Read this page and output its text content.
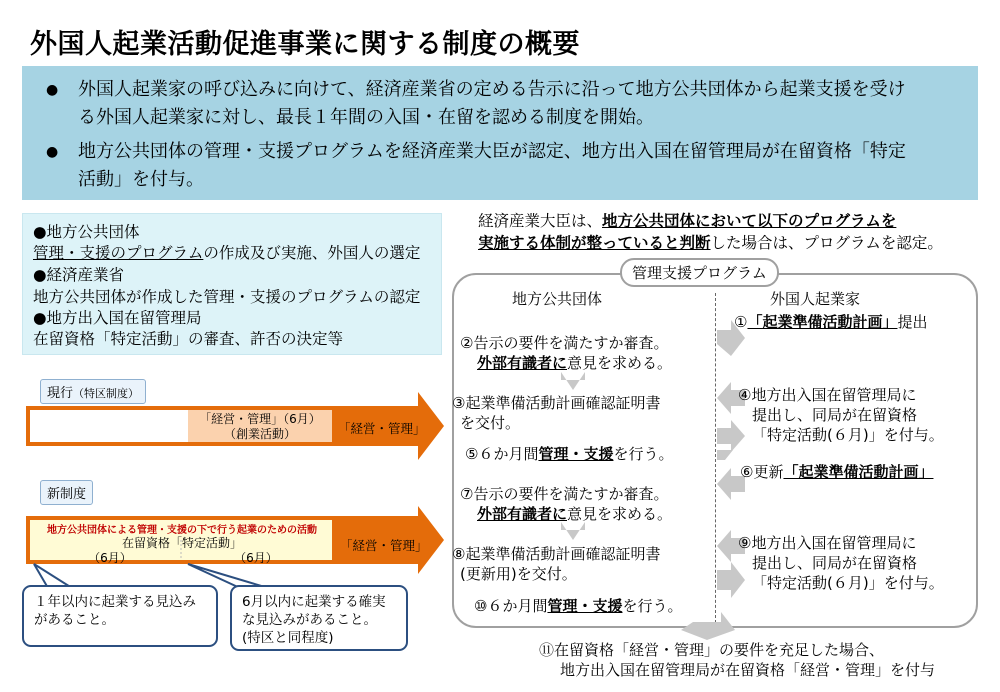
外国人起業活動促進事業に関する制度の概要
● 外国人起業家の呼び込みに向けて、経済産業省の定める告示に沿って地方公共団体から起業支援を受け
る外国人起業家に対し、最長１年間の入国・在留を認める制度を開始。
● 地方公共団体の管理・支援プログラムを経済産業大臣が認定、地方出入国在留管理局が在留資格「特定
活動」を付与。
●地方公共団体
管理・支援のプログラムの作成及び実施、外国人の選定
●経済産業省
地方公共団体が作成した管理・支援のプログラムの認定
●地方出入国在留管理局
在留資格「特定活動」の審査、許否の決定等
現行（特区制度）
「経営・管理」（6月）
（創業活動）	「経営・管理」
新制度
地方公共団体による管理・支援の下で行う起業のための活動
在留資格「特定活動」
（6月）	（6月）
「経営・管理」
１年以内に起業する見込みがあること。
6月以内に起業する確実
な見込みがあること。
(特区と同程度)
経済産業大臣は、地方公共団体において以下のプログラムを
実施する体制が整っていると判断した場合は、プログラムを認定。
管理支援プログラム
地方公共団体	外国人起業家
①「起業準備活動計画」提出
②告示の要件を満たすか審査。
外部有識者に意見を求める。
③起業準備活動計画確認証明書
を交付。
④地方出入国在留管理局に
提出し、同局が在留資格
「特定活動(６月)」を付与。
⑤６か月間管理・支援を行う。
⑥更新「起業準備活動計画」
⑦告示の要件を満たすか審査。
外部有識者に意見を求める。
⑧起業準備活動計画確認証明書
(更新用)を交付。
⑨地方出入国在留管理局に
提出し、同局が在留資格
「特定活動(６月)」を付与。
⑩６か月間管理・支援を行う。
⑪在留資格「経営・管理」の要件を充足した場合、
地方出入国在留管理局が在留資格「経営・管理」を付与
